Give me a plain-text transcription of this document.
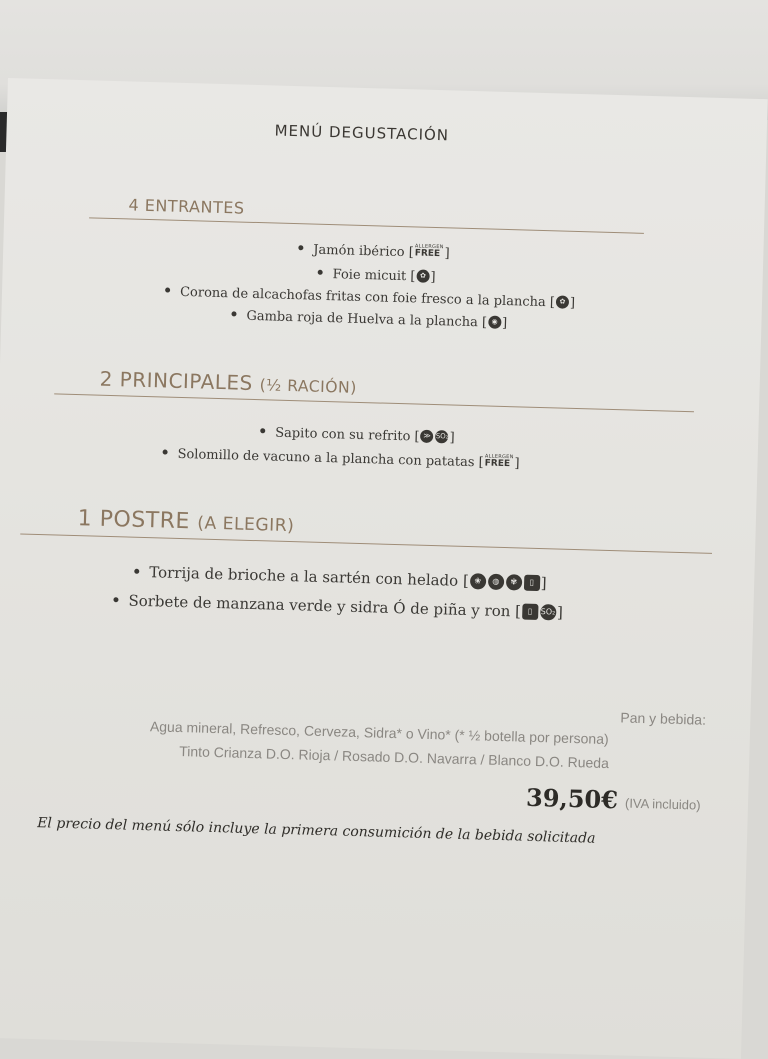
MENÚ DEGUSTACIÓN
4 ENTRANTES
Jamón ibérico [ ALLERGEN
FREE ]
Foie micuit [ ✿ ]
Corona de alcachofas fritas con foie fresco a la plancha [ ✿ ]
Gamba roja de Huelva a la plancha [ ◉ ]
2 PRINCIPALES (½ RACIÓN)
Sapito con su refrito [ ≫ SO₂]
Solomillo de vacuno a la plancha con patatas [ ALLERGEN
FREE ]
1 POSTRE (A ELEGIR)
Torrija de brioche a la sartén con helado [ ❀ ◍ ✾ ▯ ]
Sorbete de manzana verde y sidra Ó de piña y ron [ ▯ SO₂]
Pan y bebida:
Agua mineral, Refresco, Cerveza, Sidra* o Vino* (* ½ botella por persona)
Tinto Crianza D.O. Rioja / Rosado D.O. Navarra / Blanco D.O. Rueda
39,50€ (IVA incluido)
El precio del menú sólo incluye la primera consumición de la bebida solicitada
